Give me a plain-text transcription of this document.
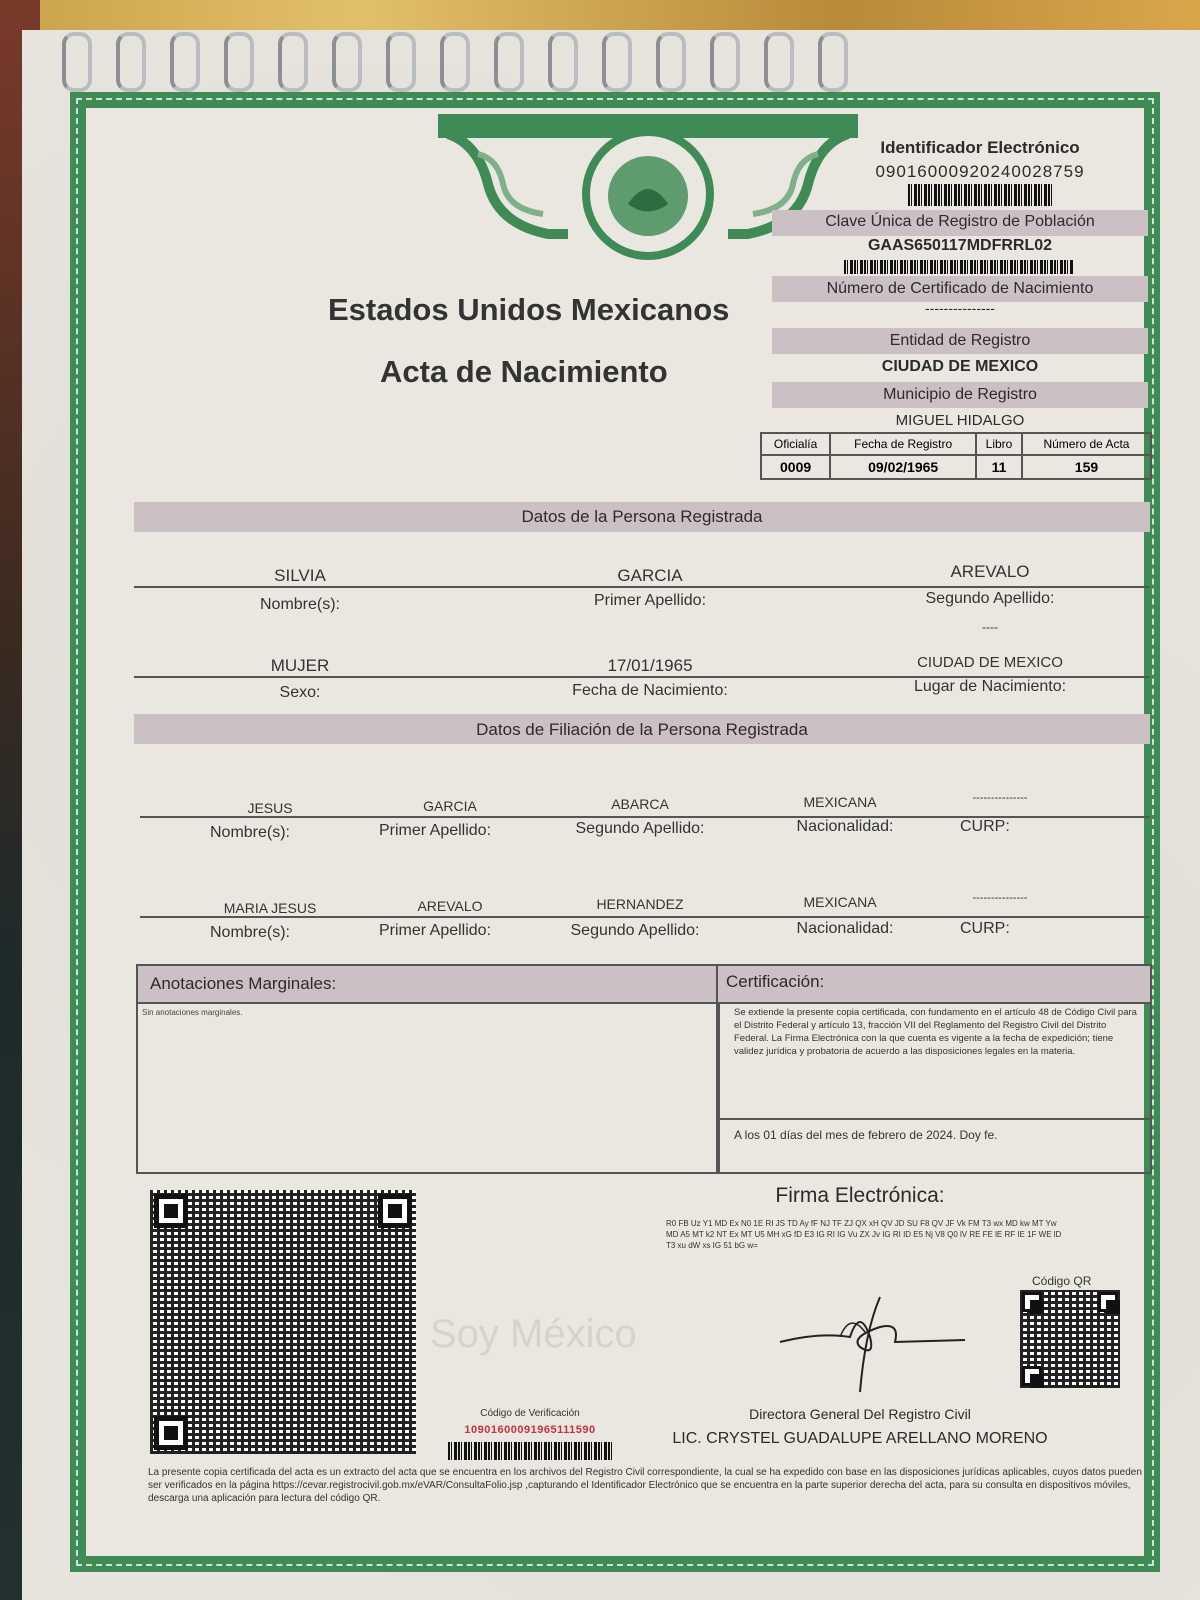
Estados Unidos Mexicanos
Acta de Nacimiento
Identificador Electrónico
09016000920240028759
Clave Única de Registro de Población
GAAS650117MDFRRL02
Número de Certificado de Nacimiento
---------------
Entidad de Registro
CIUDAD DE MEXICO
Municipio de Registro
MIGUEL HIDALGO
Oficialía	Fecha de Registro	Libro	Número de Acta
0009	09/02/1965	11	159
Datos de la Persona Registrada
SILVIA	GARCIA	AREVALO
Nombre(s):	Primer Apellido:	Segundo Apellido:
----
MUJER	17/01/1965	CIUDAD DE MEXICO
Sexo:	Fecha de Nacimiento:	Lugar de Nacimiento:
Datos de Filiación de la Persona Registrada
JESUS	GARCIA	ABARCA	MEXICANA	---------------
Nombre(s):	Primer Apellido:	Segundo Apellido:	Nacionalidad:	CURP:
MARIA JESUS	AREVALO	HERNANDEZ	MEXICANA	---------------
Nombre(s):	Primer Apellido:	Segundo Apellido:	Nacionalidad:	CURP:
Anotaciones Marginales:
Sin anotaciones marginales.
Certificación:
Se extiende la presente copia certificada, con fundamento en el artículo 48 de Código Civil para el Distrito Federal y artículo 13, fracción VII del Reglamento del Registro Civil del Distrito Federal. La Firma Electrónica con la que cuenta es vigente a la fecha de expedición; tiene validez jurídica y probatoria de acuerdo a las disposiciones legales en la materia.
A los 01 días del mes de febrero de 2024. Doy fe.
Código de Verificación
10901600091965111590
Soy México
Firma Electrónica:
R0 FB Uz Y1 MD Ex N0 1E RI JS TD Ay fF NJ TF ZJ QX xH QV JD SU F8 QV JF Vk FM T3 wx MD kw MT Yw MD A5 MT k2 NT Ex MT U5 MH xG fD E3 IG RI IG Vu ZX Jv IG RI ID E5 Nj V8 Q0 lV RE FE lE RF IE 1F WE lD T3 xu dW xs IG 51 bG w=
Código QR
Directora General Del Registro Civil
LIC. CRYSTEL GUADALUPE ARELLANO MORENO
La presente copia certificada del acta es un extracto del acta que se encuentra en los archivos del Registro Civil correspondiente, la cual se ha expedido con base en las disposiciones jurídicas aplicables, cuyos datos pueden ser verificados en la página https://cevar.registrocivil.gob.mx/eVAR/ConsultaFolio.jsp ,capturando el Identificador Electrónico que se encuentra en la parte superior derecha del acta, para su consulta en dispositivos móviles, descarga una aplicación para lectura del código QR.
